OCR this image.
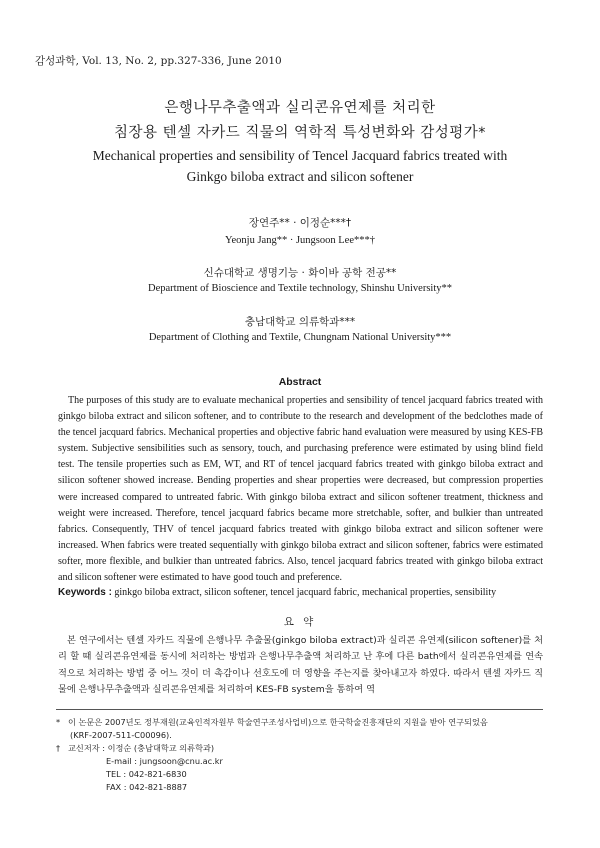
감성과학, Vol. 13, No. 2, pp.327-336, June 2010
은행나무추출액과 실리콘유연제를 처리한
침장용 텐셀 자카드 직물의 역학적 특성변화와 감성평가*
Mechanical properties and sensibility of Tencel Jacquard fabrics treated with
Ginkgo biloba extract and silicon softener
장연주** · 이정순***†
Yeonju Jang** · Jungsoon Lee***†
신슈대학교 생명기능 · 화이바 공학 전공**
Department of Bioscience and Textile technology, Shinshu University**
충남대학교 의류학과***
Department of Clothing and Textile, Chungnam National University***
Abstract
The purposes of this study are to evaluate mechanical properties and sensibility of tencel jacquard fabrics treated with ginkgo biloba extract and silicon softener, and to contribute to the research and development of the bedclothes made of the tencel jacquard fabrics. Mechanical properties and objective fabric hand evaluation were measured by using KES-FB system. Subjective sensibilities such as sensory, touch, and purchasing preference were estimated by using blind field test. The tensile properties such as EM, WT, and RT of tencel jacquard fabrics treated with ginkgo biloba extract and silicon softener showed increase. Bending properties and shear properties were decreased, but compression properties were increased compared to untreated fabric. With ginkgo biloba extract and silicon softener treatment, thickness and weight were increased. Therefore, tencel jacquard fabrics became more stretchable, softer, and bulkier than untreated fabrics. Consequently, THV of tencel jacquard fabrics treated with ginkgo biloba extract and silicon softener were increased. When fabrics were treated sequentially with ginkgo biloba extract and silicon softener, fabrics were estimated softer, more flexible, and bulkier than untreated fabrics. Also, tencel jacquard fabrics treated with ginkgo biloba extract and silicon softener were estimated to have good touch and preference.
Keywords : ginkgo biloba extract, silicon softener, tencel jacquard fabric, mechanical properties, sensibility
요 약
본 연구에서는 텐셀 자카드 직물에 은행나무 추출물(ginkgo biloba extract)과 실리콘 유연제(silicon softener)를 처리 할 때 실리콘유연제를 동시에 처리하는 방법과 은행나무추출액 처리하고 난 후에 다른 bath에서 실리콘유연제를 연속적으로 처리하는 방법 중 어느 것이 더 촉감이나 선호도에 더 영향을 주는지를 찾아내고자 하였다. 따라서 텐셀 자카드 직물에 은행나무추출액과 실리콘유연제를 처리하여 KES-FB system을 통하여 역
* 이 논문은 2007년도 정부재원(교육인적자원부 학술연구조성사업비)으로 한국학술진흥재단의 지원을 받아 연구되었음
(KRF-2007-511-C00096).
† 교신저자 : 이정순 (충남대학교 의류학과)
E-mail : jungsoon@cnu.ac.kr
TEL : 042-821-6830
FAX : 042-821-8887
